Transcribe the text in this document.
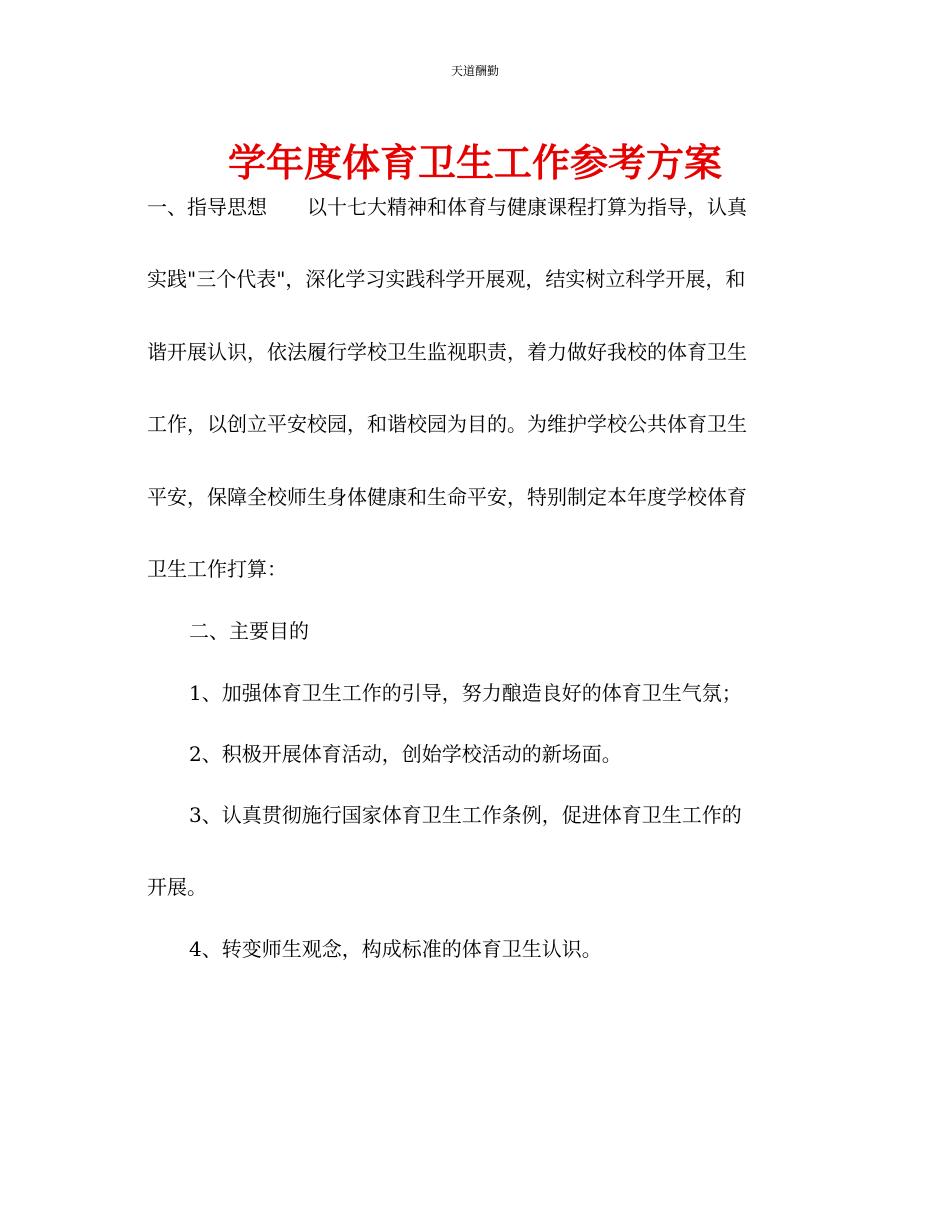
天道酬勤
学年度体育卫生工作参考方案
一、指导思想　　以十七大精神和体育与健康课程打算为指导，认真
实践"三个代表"，深化学习实践科学开展观，结实树立科学开展，和
谐开展认识，依法履行学校卫生监视职责，着力做好我校的体育卫生
工作，以创立平安校园，和谐校园为目的。为维护学校公共体育卫生
平安，保障全校师生身体健康和生命平安，特别制定本年度学校体育
卫生工作打算：
二、主要目的
1、加强体育卫生工作的引导，努力酿造良好的体育卫生气氛；
2、积极开展体育活动，创始学校活动的新场面。
3、认真贯彻施行国家体育卫生工作条例，促进体育卫生工作的
开展。
4、转变师生观念，构成标准的体育卫生认识。
